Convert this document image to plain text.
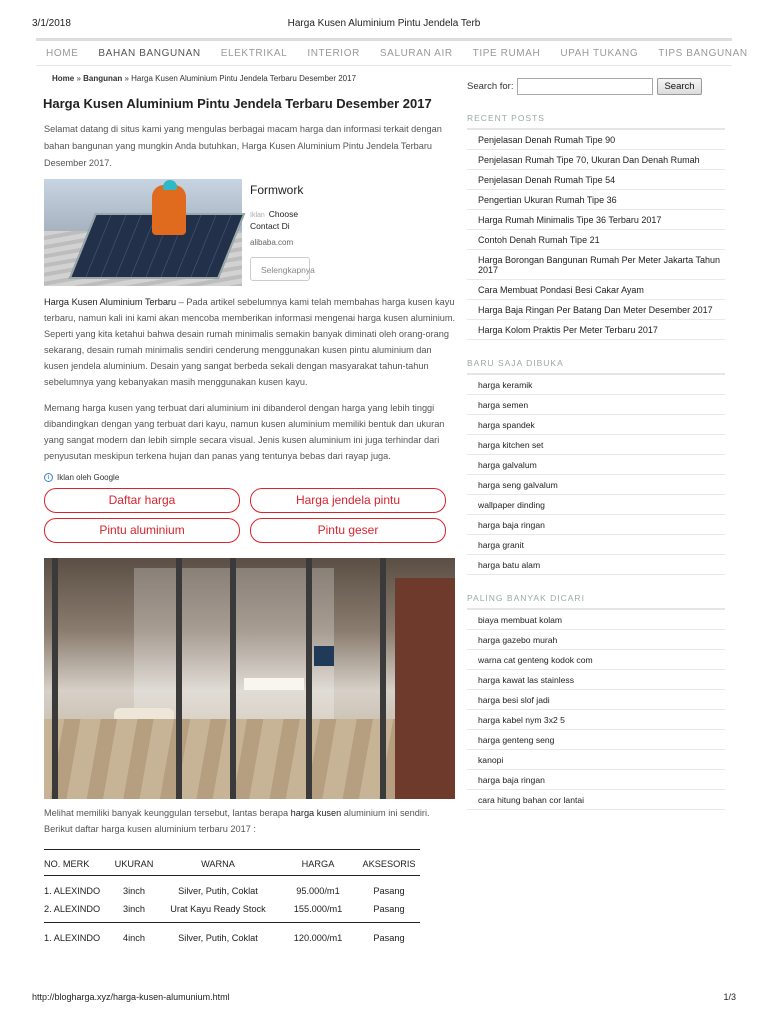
3/1/2018	Harga Kusen Aluminium Pintu Jendela Terb
HOME BAHAN BANGUNAN ELEKTRIKAL INTERIOR SALURAN AIR TIPE RUMAH UPAH TUKANG TIPS BANGUNAN
Home » Bangunan » Harga Kusen Aluminium Pintu Jendela Terbaru Desember 2017
Harga Kusen Aluminium Pintu Jendela Terbaru Desember 2017

Selamat datang di situs kami yang mengulas berbagai macam harga dan informasi terkait dengan bahan bangunan yang mungkin Anda butuhkan, Harga Kusen Aluminium Pintu Jendela Terbaru Desember 2017.

Formwork
Iklan Choose
Contact Di
alibaba.com
Selengkapnya

Harga Kusen Aluminium Terbaru – Pada artikel sebelumnya kami telah membahas harga kusen kayu terbaru, namun kali ini kami akan mencoba memberikan informasi mengenai harga kusen aluminium. Seperti yang kita ketahui bahwa desain rumah minimalis semakin banyak diminati oleh orang-orang sekarang, desain rumah minimalis sendiri cenderung menggunakan kusen pintu aluminium dan kusen jendela aluminium. Desain yang sangat berbeda sekali dengan masyarakat tahun-tahun sebelumnya yang kebanyakan masih menggunakan kusen kayu.

Memang harga kusen yang terbuat dari aluminium ini dibanderol dengan harga yang lebih tinggi dibandingkan dengan yang terbuat dari kayu, namun kusen aluminium memiliki bentuk dan ukuran yang sangat modern dan lebih simple secara visual. Jenis kusen aluminium ini juga terhindar dari penyusutan meskipun terkena hujan dan panas yang tentunya bebas dari rayap juga.

i Iklan oleh Google
Daftar harga	Harga jendela pintu
Pintu aluminium	Pintu geser

Melihat memiliki banyak keunggulan tersebut, lantas berapa harga kusen aluminium ini sendiri. Berikut daftar harga kusen aluminium terbaru 2017 :

NO. MERK	UKURAN	WARNA	HARGA	AKSESORIS
1. ALEXINDO	3inch	Silver, Putih, Coklat	95.000/m1	Pasang
2. ALEXINDO	3inch	Urat Kayu Ready Stock	155.000/m1	Pasang
1. ALEXINDO	4inch	Silver, Putih, Coklat	120.000/m1	Pasang
Search for:	Search
RECENT POSTS
Penjelasan Denah Rumah Tipe 90
Penjelasan Rumah Tipe 70, Ukuran Dan Denah Rumah
Penjelasan Denah Rumah Tipe 54
Pengertian Ukuran Rumah Tipe 36
Harga Rumah Minimalis Tipe 36 Terbaru 2017
Contoh Denah Rumah Tipe 21
Harga Borongan Bangunan Rumah Per Meter Jakarta Tahun 2017
Cara Membuat Pondasi Besi Cakar Ayam
Harga Baja Ringan Per Batang Dan Meter Desember 2017
Harga Kolom Praktis Per Meter Terbaru 2017
BARU SAJA DIBUKA
harga keramik
harga semen
harga spandek
harga kitchen set
harga galvalum
harga seng galvalum
wallpaper dinding
harga baja ringan
harga granit
harga batu alam
PALING BANYAK DICARI
biaya membuat kolam
harga gazebo murah
warna cat genteng kodok com
harga kawat las stainless
harga besi slof jadi
harga kabel nym 3x2 5
harga genteng seng
kanopi
harga baja ringan
cara hitung bahan cor lantai
http://blogharga.xyz/harga-kusen-alumunium.html	1/3
